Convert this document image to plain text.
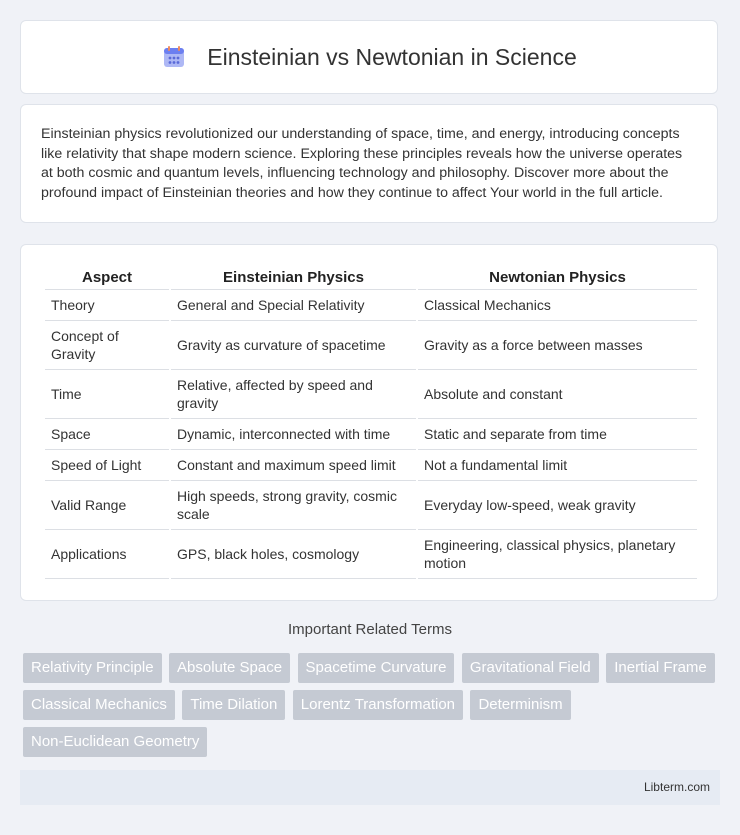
Einsteinian vs Newtonian in Science

Einsteinian physics revolutionized our understanding of space, time, and energy, introducing concepts like relativity that shape modern science. Exploring these principles reveals how the universe operates at both cosmic and quantum levels, influencing technology and philosophy. Discover more about the profound impact of Einsteinian theories and how they continue to affect Your world in the full article.

Aspect	Einsteinian Physics	Newtonian Physics
Theory	General and Special Relativity	Classical Mechanics
Concept of Gravity	Gravity as curvature of spacetime	Gravity as a force between masses
Time	Relative, affected by speed and gravity	Absolute and constant
Space	Dynamic, interconnected with time	Static and separate from time
Speed of Light	Constant and maximum speed limit	Not a fundamental limit
Valid Range	High speeds, strong gravity, cosmic scale	Everyday low-speed, weak gravity
Applications	GPS, black holes, cosmology	Engineering, classical physics, planetary motion
Important Related Terms
Relativity Principle Absolute Space Spacetime Curvature Gravitational Field Inertial Frame Classical Mechanics Time Dilation Lorentz Transformation Determinism Non-Euclidean Geometry
Libterm.com
